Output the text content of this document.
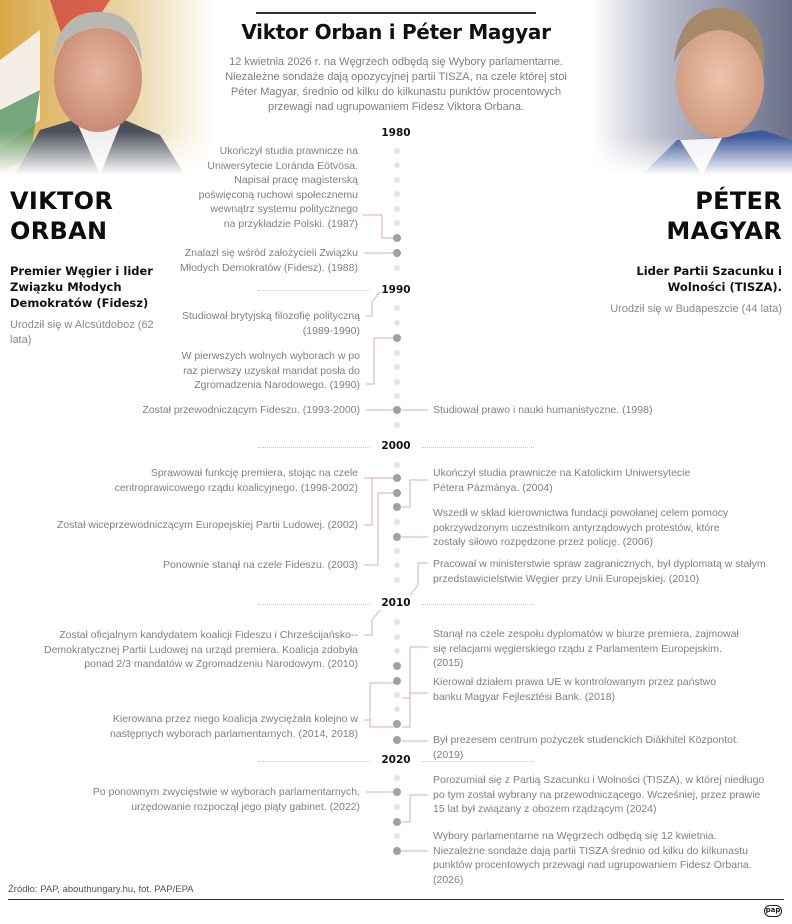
Viktor Orban i Péter Magyar
12 kwietnia 2026 r. na Węgrzech odbędą się Wybory parlamentarne. Niezależne sondaże dają opozycyjnej partii TISZA, na czele której stoi Péter Magyar, średnio od kilku do kilkunastu punktów procentowych przewagi nad ugrupowaniem Fidesz Viktora Orbana.
VIKTOR
ORBAN
Premier Węgier i lider Związku Młodych Demokratów (Fidesz)
Urodził się w Alcsútdoboz (62 lata)
PÉTER
MAGYAR
Lider Partii Szacunku i Wolności (TISZA).
Urodził się w Budapeszcie (44 lata)
1980
1990
2000
2010
2020
Ukończył studia prawnicze na Uniwersytecie Loránda Eötvösa. Napisał pracę magisterską poświęconą ruchowi społecznemu wewnątrz systemu politycznego na przykładzie Polski. (1987)
Znalazł się wśród założycieli Związku Młodych Demokratów (Fidesz). (1988)
Studiował brytyjską filozofię polityczną (1989-1990)
W pierwszych wolnych wyborach w po raz pierwszy uzyskał mandat posła do Zgromadzenia Narodowego. (1990)
Został przewodniczącym Fideszu. (1993-2000)
Sprawował funkcję premiera, stojąc na czele centroprawicowego rządu koalicyjnego. (1998-2002)
Został wiceprzewodniczącym Europejskiej Partii Ludowej. (2002)
Ponownie stanął na czele Fideszu. (2003)
Został oficjalnym kandydatem koalicji Fideszu i Chrześcijańsko--Demokratycznej Partii Ludowej na urząd premiera. Koalicja zdobyła ponad 2/3 mandatów w Zgromadzeniu Narodowym. (2010)
Kierowana przez niego koalicja zwyciężała kolejno w następnych wyborach parlamentarnych. (2014, 2018)
Po ponownym zwycięstwie w wyborach parlamentarnych, urzędowanie rozpoczął jego piąty gabinet. (2022)
Studiował prawo i nauki humanistyczne. (1998)
Ukończył studia prawnicze na Katolickim Uniwersytecie Pétera Pázmánya. (2004)
Wszedł w skład kierownictwa fundacji powołanej celem pomocy pokrzywdzonym uczestnikom antyrządowych protestów, które zostały siłowo rozpędzone przez policję. (2006)
Pracował w ministerstwie spraw zagranicznych, był dyplomatą w stałym przedstawicielstwie Węgier przy Unii Europejskiej. (2010)
Stanął na czele zespołu dyplomatów w biurze premiera, zajmował się relacjami węgierskiego rządu z Parlamentem Europejskim. (2015)
Kierował działem prawa UE w kontrolowanym przez państwo banku Magyar Fejlesztési Bank. (2018)
Był prezesem centrum pożyczek studenckich Diákhitel Központot. (2019)
Porozumiał się z Partią Szacunku i Wolności (TISZA), w której niedługo po tym został wybrany na przewodniczącego. Wcześniej, przez prawie 15 lat był związany z obozem rządzącym (2024)
Wybory parlamentarne na Węgrzech odbędą się 12 kwietnia. Niezależne sondaże dają partii TISZA średnio od kilku do kilkunastu punktów procentowych przewagi nad ugrupowaniem Fidesz Orbana. (2026)
Źródło: PAP, abouthungary.hu, fot. PAP/EPA
pap
